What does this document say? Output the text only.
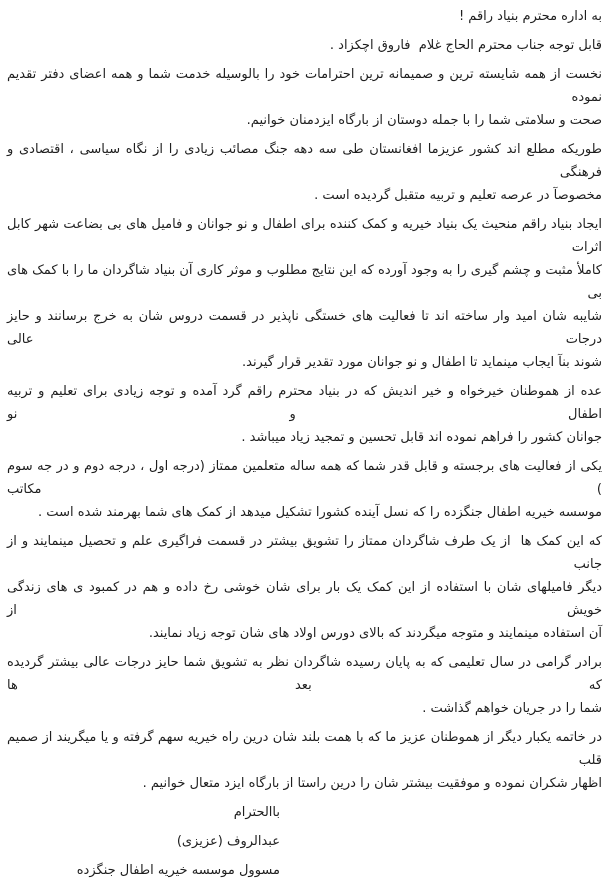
به اداره محترم بنیاد راقم !

قابل توجه جناب محترم الحاج غلام  فاروق اچکزاد .

نخست از همه شایسته ترین و صمیمانه ترین احترامات خود را بالوسیله خدمت شما و همه اعضای دفتر تقدیم نموده
صحت و سلامتی شما را با جمله دوستان از بارگاه ایزدمنان خوانیم.

طوریکه مطلع اند کشور عزیزما افغانستان طی سه دهه جنگ مصائب زیادی را از نگاه سیاسی ، اقتصادی و فرهنگی
مخصوصآ در عرصه تعلیم و تربیه متقبل گردیده است .

ایجاد بنیاد راقم منحیث یک بنیاد خیریه و کمک کننده برای اطفال و نو جوانان و فامیل های بی بضاعت شهر کابل اثرات
کاملأ مثبت و چشم گیری را به وجود آورده که این نتایج مطلوب و موثر کاری آن بنیاد شاگردان ما را با کمک های بی
شایبه شان امید وار ساخته اند تا فعالیت های خستگی ناپذیر در قسمت دروس شان به خرج برسانند و حایز درجات عالی
شوند بنآ ایجاب مینماید تا اطفال و نو جوانان مورد تقدیر قرار گیرند.

عده از هموطنان خیرخواه و خیر اندیش که در بنیاد محترم راقم گرد آمده و توجه زیادی برای تعلیم و تربیه اطفال و نو
جوانان کشور را فراهم نموده اند قابل تحسین و تمجید زیاد میباشد .

یکی از فعالیت های برجسته و قابل قدر شما که همه ساله متعلمین ممتاز (درجه اول ، درجه دوم و در جه سوم ) مکاتب
موسسه خیریه اطفال جنگزده را که نسل آینده کشورا تشکیل میدهد از کمک های شما بهرمند شده است .

که این کمک ها  از یک طرف شاگردان ممتاز را تشویق بیشتر در قسمت فراگیری علم و تحصیل مینمایند و از جانب
دیگر فامیلهای شان با استفاده از این کمک یک بار برای شان خوشی رخ داده و هم در کمبود ی های زندگی خویش از
آن استفاده مینمایند و متوجه میگردند که بالای دورس اولاد های شان توجه زیاد نمایند.

برادر گرامی در سال تعلیمی که به پایان رسیده شاگردان نظر به تشویق شما حایز درجات عالی بیشتر گردیده که بعد ها
شما را در جریان خواهم گذاشت .

در خاتمه یکبار دیگر از هموطنان عزیز ما که با همت بلند شان درین راه خیریه سهم گرفته و یا میگریند از صمیم قلب
اظهار شکران نموده و موفقیت بیشتر شان را درین راستا از بارگاه ایزد متعال خوانیم .

باالحترام

عبدالروف (عزیزی)

مسوول موسسه خیریه اطفال جنگزده
